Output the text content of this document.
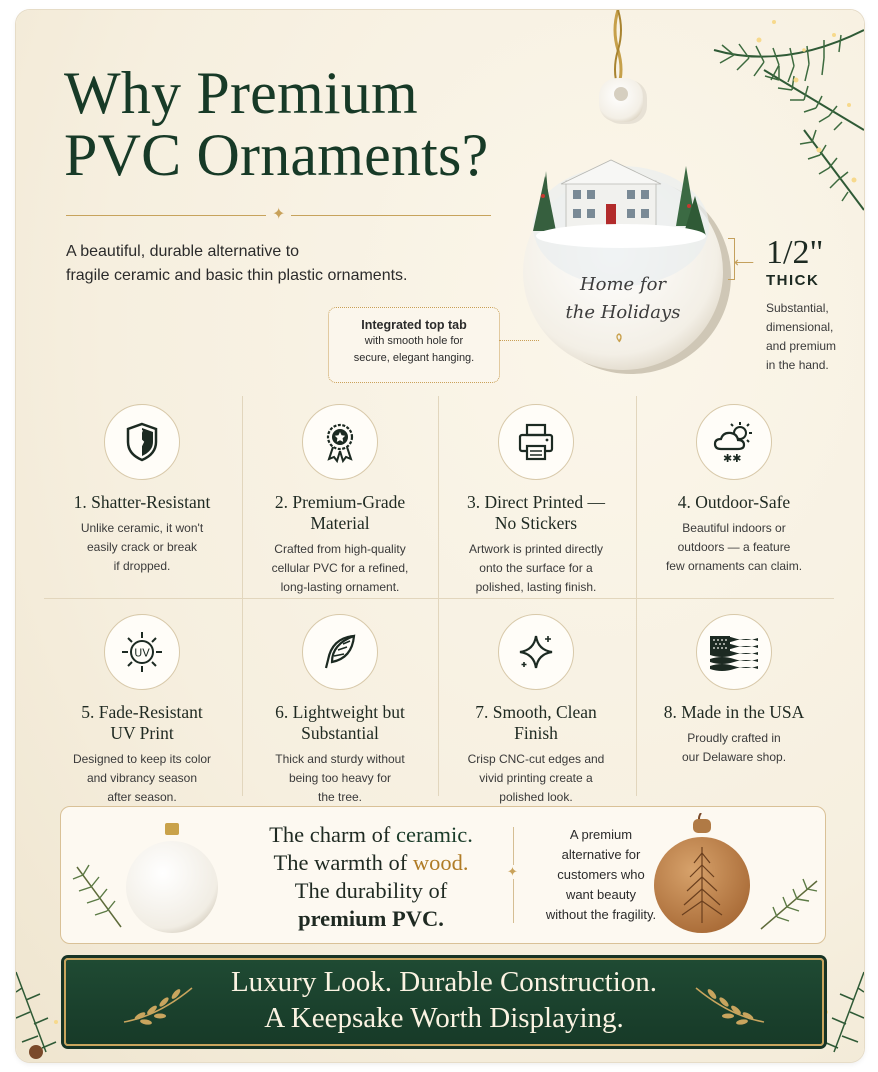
Why Premium
PVC Ornaments?
✦
A beautiful, durable alternative to
fragile ceramic and basic thin plastic ornaments.
Integrated top tab
with smooth hole for
secure, elegant hanging.
Home for
the Holidays
⟵ 1/2"
THICK
Substantial,
dimensional,
and premium
in the hand.
1. Shatter-Resistant
Unlike ceramic, it won't
easily crack or break
if dropped.
2. Premium-Grade
Material
Crafted from high-quality
cellular PVC for a refined,
long-lasting ornament.
3. Direct Printed —
No Stickers
Artwork is printed directly
onto the surface for a
polished, lasting finish.
✱✱
4. Outdoor-Safe
Beautiful indoors or
outdoors — a feature
few ornaments can claim.
UV
5. Fade-Resistant
UV Print
Designed to keep its color
and vibrancy season
after season.
6. Lightweight but
Substantial
Thick and sturdy without
being too heavy for
the tree.
7. Smooth, Clean
Finish
Crisp CNC-cut edges and
vivid printing create a
polished look.
8. Made in the USA
Proudly crafted in
our Delaware shop.
The charm of ceramic.
The warmth of wood.
The durability of
premium PVC.
✦
A premium
alternative for
customers who
want beauty
without the fragility.
Luxury Look. Durable Construction.
A Keepsake Worth Displaying.
